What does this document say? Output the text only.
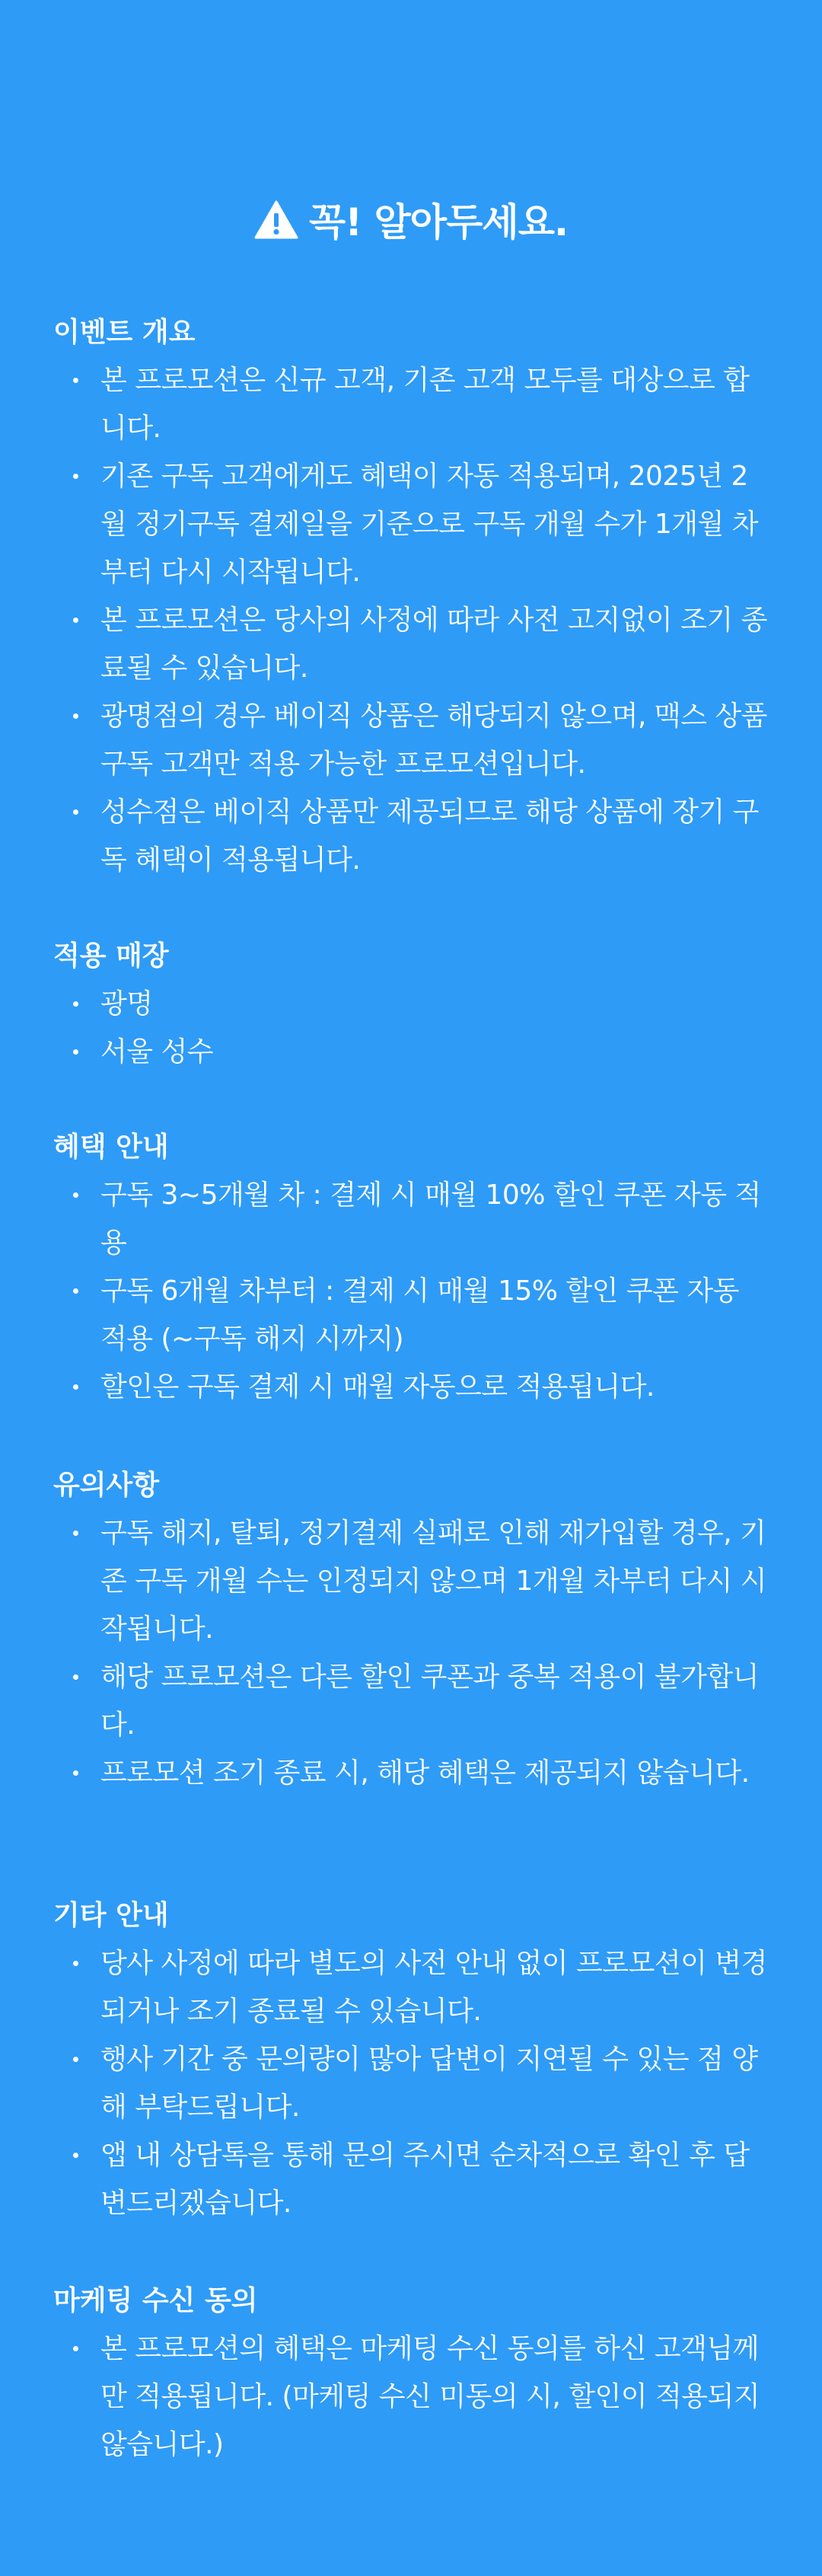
꼭! 알아두세요.
이벤트 개요
본 프로모션은 신규 고객, 기존 고객 모두를 대상으로 합니다.
기존 구독 고객에게도 혜택이 자동 적용되며, 2025년 2월 정기구독 결제일을 기준으로 구독 개월 수가 1개월 차부터 다시 시작됩니다.
본 프로모션은 당사의 사정에 따라 사전 고지없이 조기 종료될 수 있습니다.
광명점의 경우 베이직 상품은 해당되지 않으며, 맥스 상품 구독 고객만 적용 가능한 프로모션입니다.
성수점은 베이직 상품만 제공되므로 해당 상품에 장기 구독 혜택이 적용됩니다.
적용 매장
광명
서울 성수
혜택 안내
구독 3~5개월 차 : 결제 시 매월 10% 할인 쿠폰 자동 적용
구독 6개월 차부터 : 결제 시 매월 15% 할인 쿠폰 자동 적용 (~구독 해지 시까지)
할인은 구독 결제 시 매월 자동으로 적용됩니다.
유의사항
구독 해지, 탈퇴, 정기결제 실패로 인해 재가입할 경우, 기존 구독 개월 수는 인정되지 않으며 1개월 차부터 다시 시작됩니다.
해당 프로모션은 다른 할인 쿠폰과 중복 적용이 불가합니다.
프로모션 조기 종료 시, 해당 혜택은 제공되지 않습니다.
기타 안내
당사 사정에 따라 별도의 사전 안내 없이 프로모션이 변경되거나 조기 종료될 수 있습니다.
행사 기간 중 문의량이 많아 답변이 지연될 수 있는 점 양해 부탁드립니다.
앱 내 상담톡을 통해 문의 주시면 순차적으로 확인 후 답변드리겠습니다.
마케팅 수신 동의
본 프로모션의 혜택은 마케팅 수신 동의를 하신 고객님께만 적용됩니다. (마케팅 수신 미동의 시, 할인이 적용되지 않습니다.)
